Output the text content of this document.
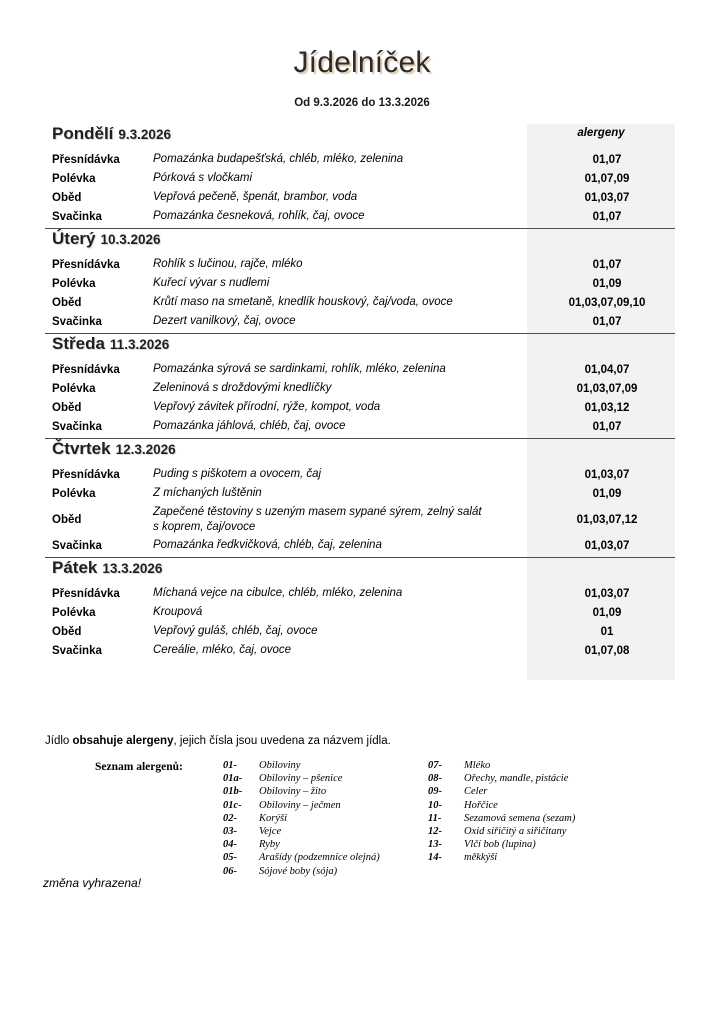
Jídelníček

Od 9.3.2026 do 13.3.2026

Pondělí 9.3.2026	alergeny
Přesnídávka	Pomazánka budapešťská, chléb, mléko, zelenina	01,07
Polévka	Pórková s vločkami	01,07,09
Oběd	Vepřová pečeně, špenát, brambor, voda	01,03,07
Svačinka	Pomazánka česneková, rohlík, čaj, ovoce	01,07
Úterý 10.3.2026
Přesnídávka	Rohlík s lučinou, rajče, mléko	01,07
Polévka	Kuřecí vývar s nudlemi	01,09
Oběd	Krůtí maso na smetaně, knedlík houskový, čaj/voda, ovoce	01,03,07,09,10
Svačinka	Dezert vanilkový, čaj, ovoce	01,07
Středa 11.3.2026
Přesnídávka	Pomazánka sýrová se sardinkami, rohlík, mléko, zelenina	01,04,07
Polévka	Zeleninová s droždovými knedlíčky	01,03,07,09
Oběd	Vepřový závitek přírodní, rýže, kompot, voda	01,03,12
Svačinka	Pomazánka jáhlová, chléb, čaj, ovoce	01,07
Čtvrtek 12.3.2026
Přesnídávka	Puding s piškotem a ovocem, čaj	01,03,07
Polévka	Z míchaných luštěnin	01,09
Oběd	Zapečené těstoviny s uzeným masem sypané sýrem, zelný salát
s koprem, čaj/ovoce	01,03,07,12
Svačinka	Pomazánka ředkvičková, chléb, čaj, zelenina	01,03,07
Pátek 13.3.2026
Přesnídávka	Míchaná vejce na cibulce, chléb, mléko, zelenina	01,03,07
Polévka	Kroupová	01,09
Oběd	Vepřový guláš, chléb, čaj, ovoce	01
Svačinka	Cereálie, mléko, čaj, ovoce	01,07,08
Jídlo obsahuje alergeny, jejich čísla jsou uvedena za názvem jídla.
Seznam alergenů:	01-	Obiloviny
01a-	Obiloviny – pšenice
01b-	Obiloviny – žito
01c-	Obiloviny – ječmen
02-	Korýši
03-	Vejce
04-	Ryby
05-	Arašídy (podzemnice olejná)
06-	Sójové boby (sója)
07-	Mléko
08-	Ořechy, mandle, pistácie
09-	Celer
10-	Hořčice
11-	Sezamová semena (sezam)
12-	Oxid siřičitý a siřičitany
13-	Vlčí bob (lupina)
14-	měkkýši
změna vyhrazena!
